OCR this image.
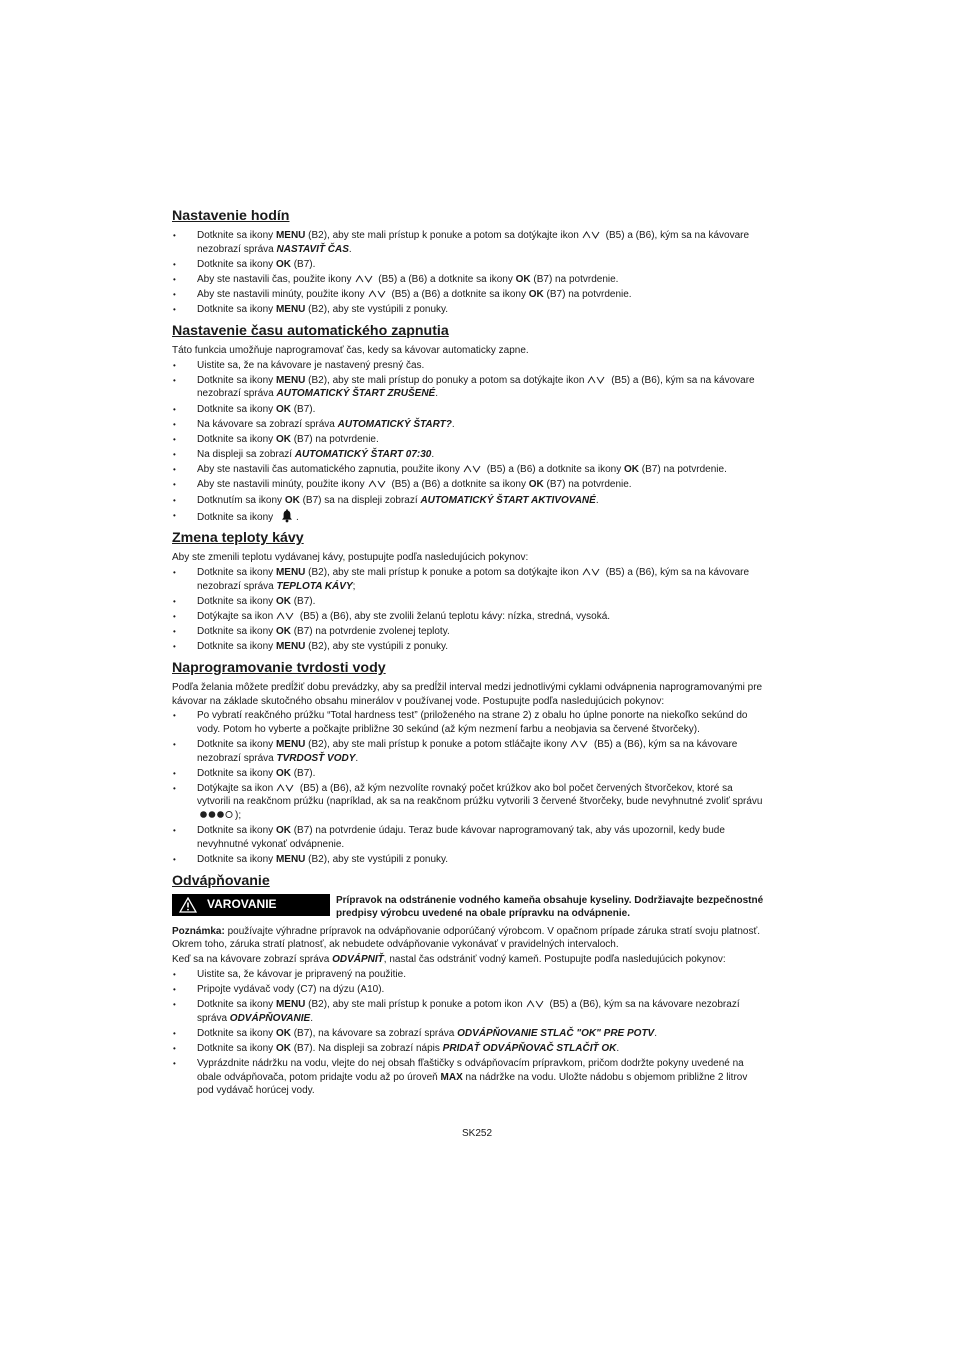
Nastavenie hodín
• Dotknite sa ikony MENU (B2), aby ste mali prístup k ponuke a potom sa dotýkajte ikon (B5) a (B6), kým sa na kávovare nezobrazí správa NASTAVIŤ ČAS.
• Dotknite sa ikony OK (B7).
• Aby ste nastavili čas, použite ikony (B5) a (B6) a dotknite sa ikony OK (B7) na potvrdenie.
• Aby ste nastavili minúty, použite ikony (B5) a (B6) a dotknite sa ikony OK (B7) na potvrdenie.
• Dotknite sa ikony MENU (B2), aby ste vystúpili z ponuky.
Nastavenie času automatického zapnutia

Táto funkcia umožňuje naprogramovať čas, kedy sa kávovar automaticky zapne.

• Uistite sa, že na kávovare je nastavený presný čas.
• Dotknite sa ikony MENU (B2), aby ste mali prístup do ponuky a potom sa dotýkajte ikon (B5) a (B6), kým sa na kávovare nezobrazí správa AUTOMATICKÝ ŠTART ZRUŠENÉ.
• Dotknite sa ikony OK (B7).
• Na kávovare sa zobrazí správa AUTOMATICKÝ ŠTART?.
• Dotknite sa ikony OK (B7) na potvrdenie.
• Na displeji sa zobrazí AUTOMATICKÝ ŠTART 07:30.
• Aby ste nastavili čas automatického zapnutia, použite ikony (B5) a (B6) a dotknite sa ikony OK (B7) na potvrdenie.
• Aby ste nastavili minúty, použite ikony (B5) a (B6) a dotknite sa ikony OK (B7) na potvrdenie.
• Dotknutím sa ikony OK (B7) sa na displeji zobrazí AUTOMATICKÝ ŠTART AKTIVOVANÉ.
• Dotknite sa ikony .
Zmena teploty kávy

Aby ste zmenili teplotu vydávanej kávy, postupujte podľa nasledujúcich pokynov:

• Dotknite sa ikony MENU (B2), aby ste mali prístup k ponuke a potom sa dotýkajte ikon (B5) a (B6), kým sa na kávovare nezobrazí správa TEPLOTA KÁVY;
• Dotknite sa ikony OK (B7).
• Dotýkajte sa ikon (B5) a (B6), aby ste zvolili želanú teplotu kávy: nízka, stredná, vysoká.
• Dotknite sa ikony OK (B7) na potvrdenie zvolenej teploty.
• Dotknite sa ikony MENU (B2), aby ste vystúpili z ponuky.
Naprogramovanie tvrdosti vody

Podľa želania môžete predĺžiť dobu prevádzky, aby sa predĺžil interval medzi jednotlivými cyklami odvápnenia naprogramovanými pre kávovar na základe skutočného obsahu minerálov v používanej vode. Postupujte podľa nasledujúcich pokynov:

• Po vybratí reakčného prúžku “Total hardness test” (priloženého na strane 2) z obalu ho úplne ponorte na niekoľko sekúnd do vody. Potom ho vyberte a počkajte približne 30 sekúnd (až kým nezmení farbu a neobjavia sa červené štvorčeky).
• Dotknite sa ikony MENU (B2), aby ste mali prístup k ponuke a potom stláčajte ikony (B5) a (B6), kým sa na kávovare nezobrazí správa TVRDOSŤ VODY.
• Dotknite sa ikony OK (B7).
• Dotýkajte sa ikon (B5) a (B6), až kým nezvolíte rovnaký počet krúžkov ako bol počet červených štvorčekov, ktoré sa vytvorili na reakčnom prúžku (napríklad, ak sa na reakčnom prúžku vytvorili 3 červené štvorčeky, bude nevyhnutné zvoliť správu);
• Dotknite sa ikony OK (B7) na potvrdenie údaju. Teraz bude kávovar naprogramovaný tak, aby vás upozornil, kedy bude nevyhnutné vykonať odvápnenie.
• Dotknite sa ikony MENU (B2), aby ste vystúpili z ponuky.
Odvápňovanie
VAROVANIE	Prípravok na odstránenie vodného kameňa obsahuje kyseliny. Dodržiavajte bezpečnostné predpisy výrobcu uvedené na obale prípravku na odvápnenie.

Poznámka: používajte výhradne prípravok na odvápňovanie odporúčaný výrobcom. V opačnom prípade záruka stratí svoju platnosť. Okrem toho, záruka stratí platnosť, ak nebudete odvápňovanie vykonávať v pravidelných intervaloch.

Keď sa na kávovare zobrazí správa ODVÁPNIŤ, nastal čas odstrániť vodný kameň. Postupujte podľa nasledujúcich pokynov:

• Uistite sa, že kávovar je pripravený na použitie.
• Pripojte vydávač vody (C7) na dýzu (A10).
• Dotknite sa ikony MENU (B2), aby ste mali prístup k ponuke a potom ikon (B5) a (B6), kým sa na kávovare nezobrazí správa ODVÁPŇOVANIE.
• Dotknite sa ikony OK (B7), na kávovare sa zobrazí správa ODVÁPŇOVANIE STLAČ "OK" PRE POTV.
• Dotknite sa ikony OK (B7). Na displeji sa zobrazí nápis PRIDAŤ ODVÁPŇOVAČ STLAČIŤ OK.
• Vyprázdnite nádržku na vodu, vlejte do nej obsah fľaštičky s odvápňovacím prípravkom, pričom dodržte pokyny uvedené na obale odvápňovača, potom pridajte vodu až po úroveň MAX na nádržke na vodu. Uložte nádobu s objemom približne 2 litrov pod vydávač horúcej vody.
SK252
